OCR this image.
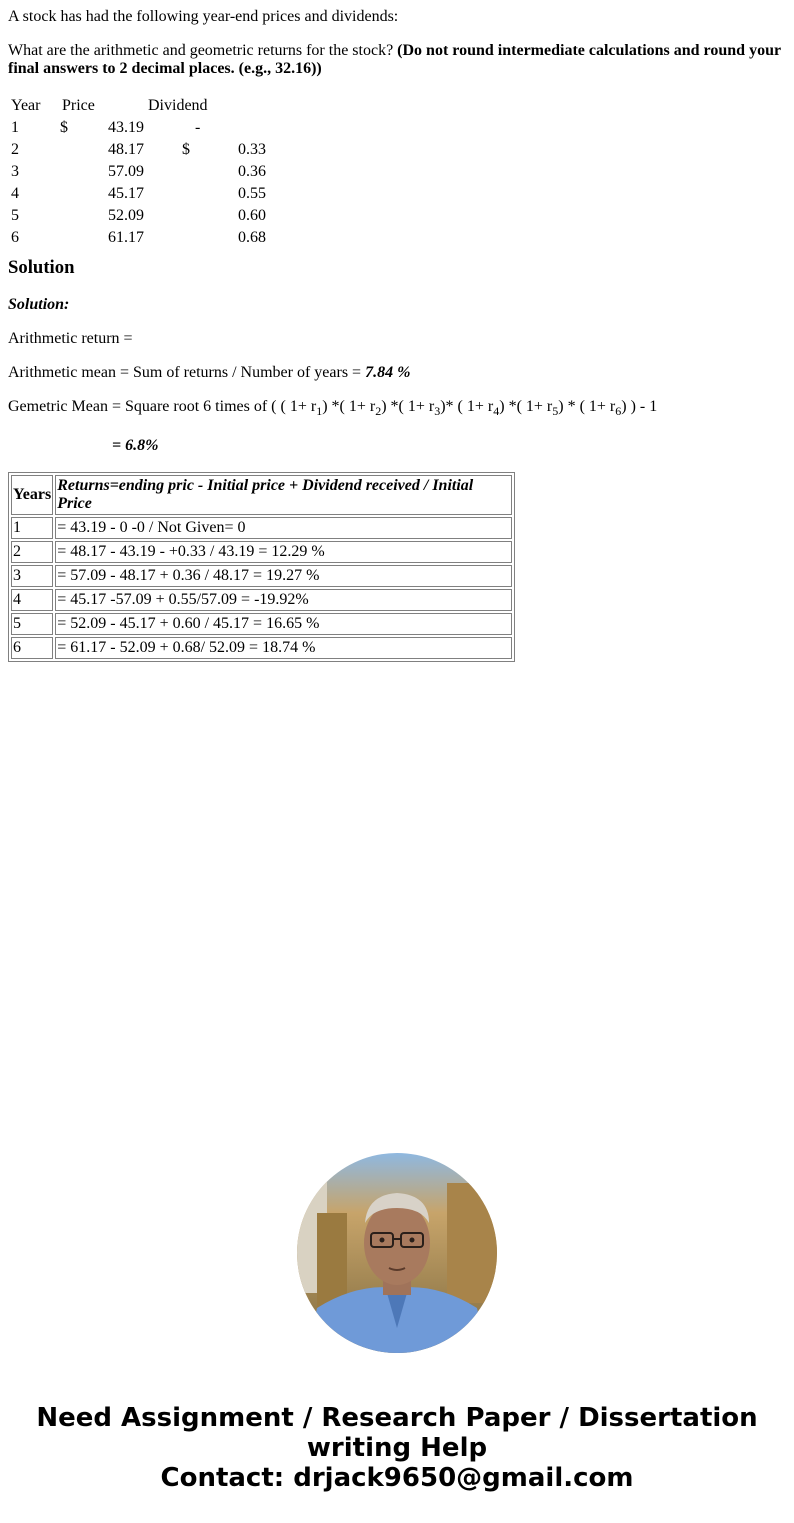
A stock has had the following year-end prices and dividends:

What are the arithmetic and geometric returns for the stock? (Do not round intermediate calculations and round your final answers to 2 decimal places. (e.g., 32.16))

Year	Price		Dividend		
1	$	43.19			-
2		48.17		$	0.33
3		57.09			0.36
4		45.17			0.55
5		52.09			0.60
6		61.17			0.68
Solution

Solution:

Arithmetic return =

Arithmetic mean = Sum of returns / Number of years = 7.84 %

Gemetric Mean = Square root 6 times of ( ( $1+ r_1$) *( $1+ r_2$) *( $1+ r_3)*$ ( $1+ r_4$) *( $1+ r_5$) * ( $1+ r_6$) ) - 1

= 6.8%

Years	Returns=ending pric - Initial price + Dividend received / Initial Price
1	= 43.19 - 0 -0 / Not Given= 0
2	= 48.17 - 43.19 - +0.33 / 43.19 = 12.29 %
3	= 57.09 - 48.17 + 0.36 / 48.17 = 19.27 %
4	= 45.17 -57.09 + 0.55/57.09 = -19.92%
5	= 52.09 - 45.17 + 0.60 / 45.17 = 16.65 %
6	= 61.17 - 52.09 + 0.68/ 52.09 = 18.74 %
Need Assignment / Research Paper / Dissertation
writing Help
Contact: drjack9650@gmail.com
